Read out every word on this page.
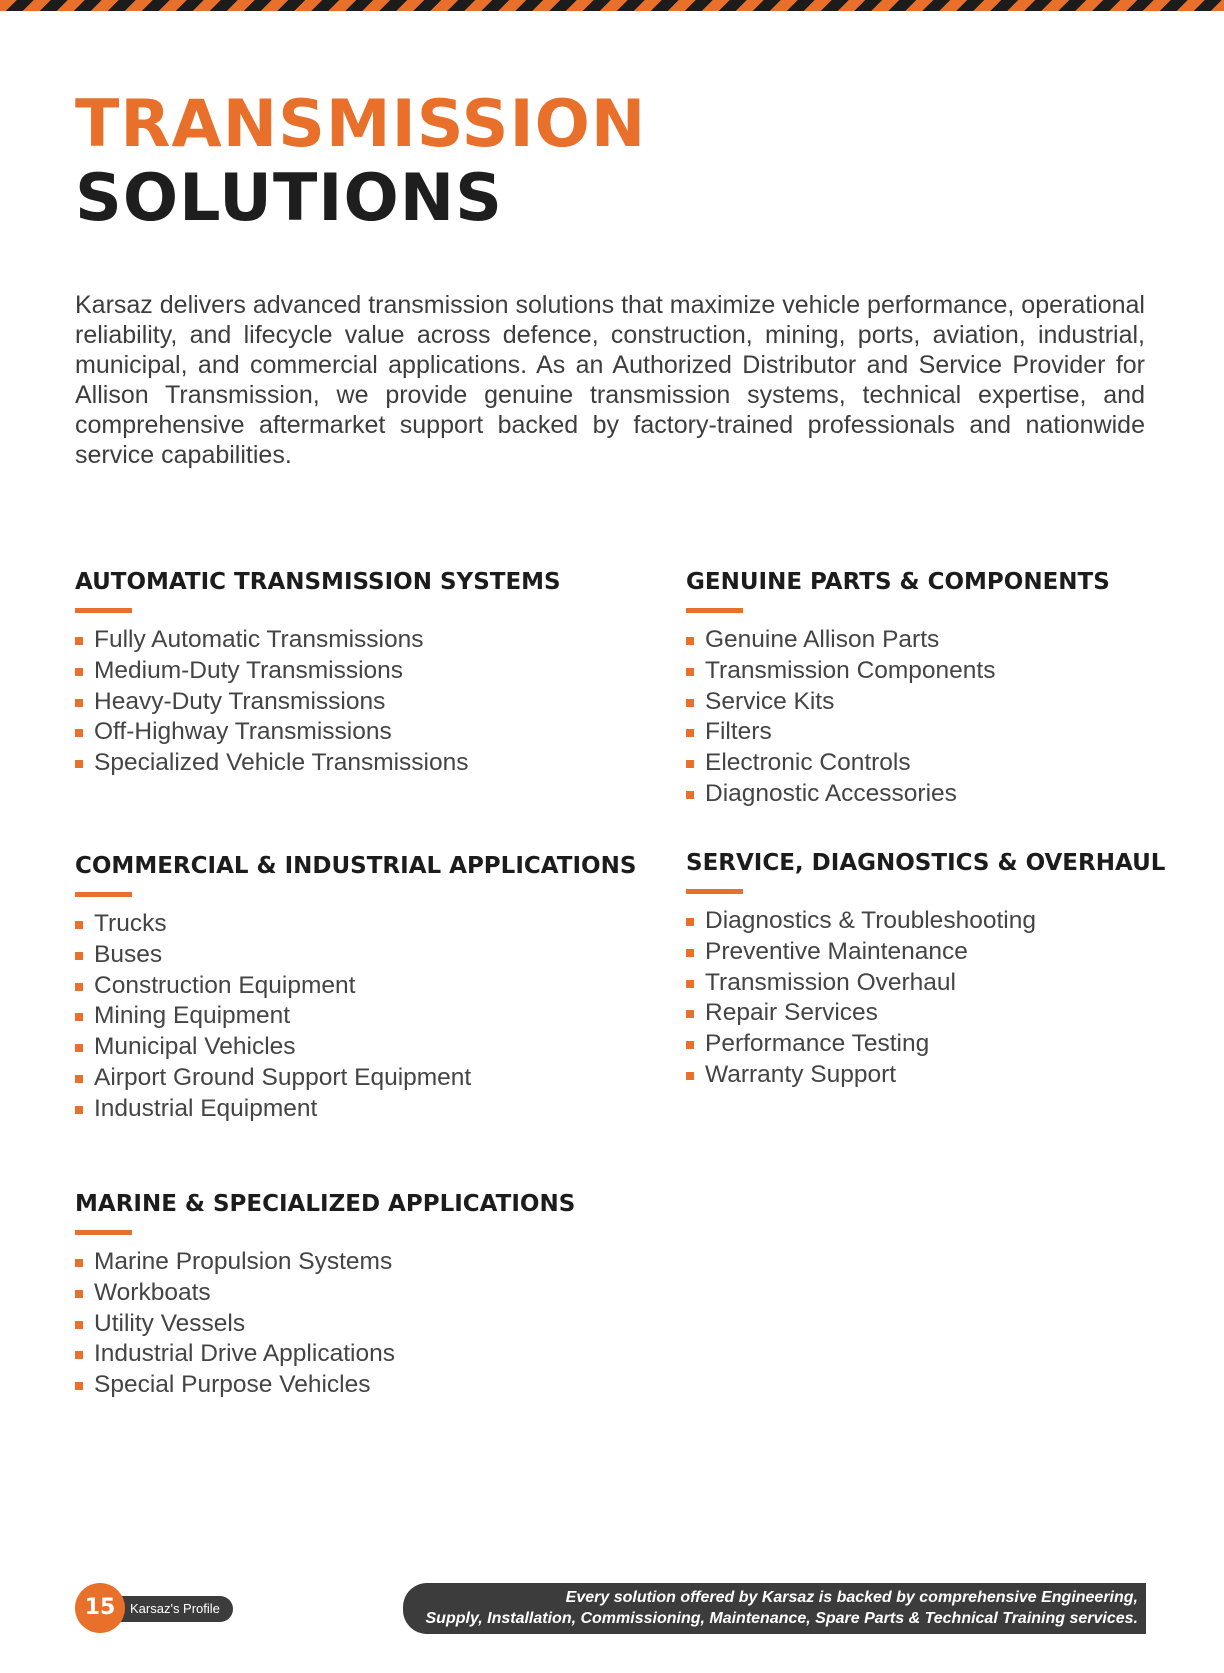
TRANSMISSION
SOLUTIONS

Karsaz delivers advanced transmission solutions that maximize vehicle performance, operational reliability, and lifecycle value across defence, construction, mining, ports, aviation, industrial, municipal, and commercial applications. As an Authorized Distributor and Service Provider for Allison Transmission, we provide genuine transmission systems, technical expertise, and comprehensive aftermarket support backed by factory-trained professionals and nationwide service capabilities.

AUTOMATIC TRANSMISSION SYSTEMS
Fully Automatic Transmissions
Medium-Duty Transmissions
Heavy-Duty Transmissions
Off-Highway Transmissions
Specialized Vehicle Transmissions
GENUINE PARTS & COMPONENTS
Genuine Allison Parts
Transmission Components
Service Kits
Filters
Electronic Controls
Diagnostic Accessories
COMMERCIAL & INDUSTRIAL APPLICATIONS
Trucks
Buses
Construction Equipment
Mining Equipment
Municipal Vehicles
Airport Ground Support Equipment
Industrial Equipment
SERVICE, DIAGNOSTICS & OVERHAUL
Diagnostics & Troubleshooting
Preventive Maintenance
Transmission Overhaul
Repair Services
Performance Testing
Warranty Support
MARINE & SPECIALIZED APPLICATIONS
Marine Propulsion Systems
Workboats
Utility Vessels
Industrial Drive Applications
Special Purpose Vehicles
Karsaz's Profile
15	Every solution offered by Karsaz is backed by comprehensive Engineering,
Supply, Installation, Commissioning, Maintenance, Spare Parts & Technical Training services.
